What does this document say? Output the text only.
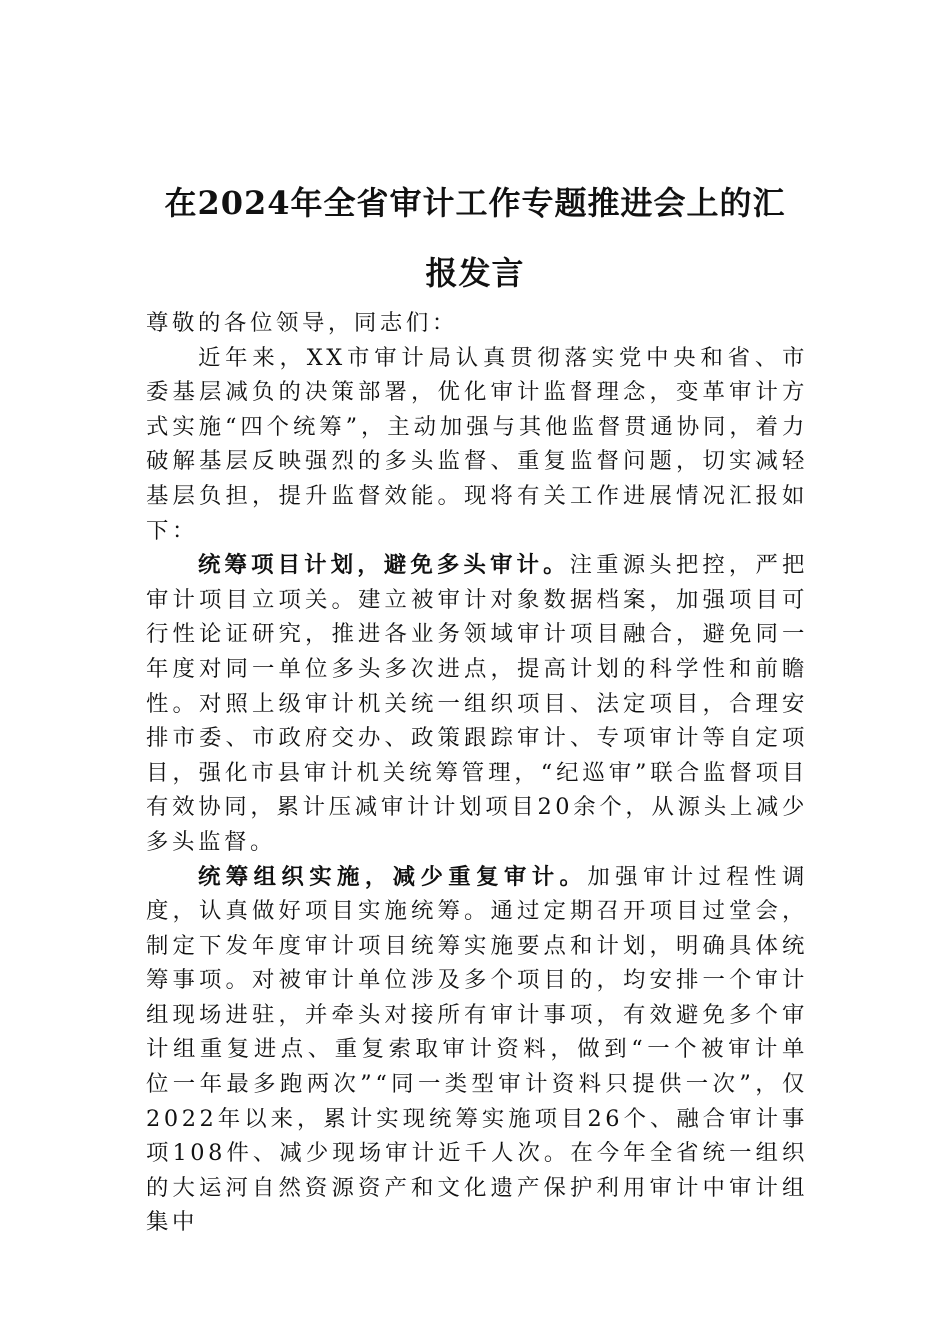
在2024年全省审计工作专题推进会上的汇
报发言

尊敬的各位领导，同志们：

近年来，XX市审计局认真贯彻落实党中央和省、市委基层减负的决策部署，优化审计监督理念，变革审计方式实施“四个统筹”，主动加强与其他监督贯通协同，着力破解基层反映强烈的多头监督、重复监督问题，切实减轻基层负担，提升监督效能。现将有关工作进展情况汇报如下：

统筹项目计划，避免多头审计。注重源头把控，严把审计项目立项关。建立被审计对象数据档案，加强项目可行性论证研究，推进各业务领域审计项目融合，避免同一年度对同一单位多头多次进点，提高计划的科学性和前瞻性。对照上级审计机关统一组织项目、法定项目，合理安排市委、市政府交办、政策跟踪审计、专项审计等自定项目，强化市县审计机关统筹管理，“纪巡审”联合监督项目有效协同，累计压减审计计划项目20余个，从源头上减少多头监督。

统筹组织实施，减少重复审计。加强审计过程性调度，认真做好项目实施统筹。通过定期召开项目过堂会，制定下发年度审计项目统筹实施要点和计划，明确具体统筹事项。对被审计单位涉及多个项目的，均安排一个审计组现场进驻，并牵头对接所有审计事项，有效避免多个审计组重复进点、重复索取审计资料，做到“一个被审计单位一年最多跑两次”“同一类型审计资料只提供一次”，仅2022年以来，累计实现统筹实施项目26个、融合审计事项108件、减少现场审计近千人次。在今年全省统一组织的大运河自然资源资产和文化遗产保护利用审计中审计组集中
